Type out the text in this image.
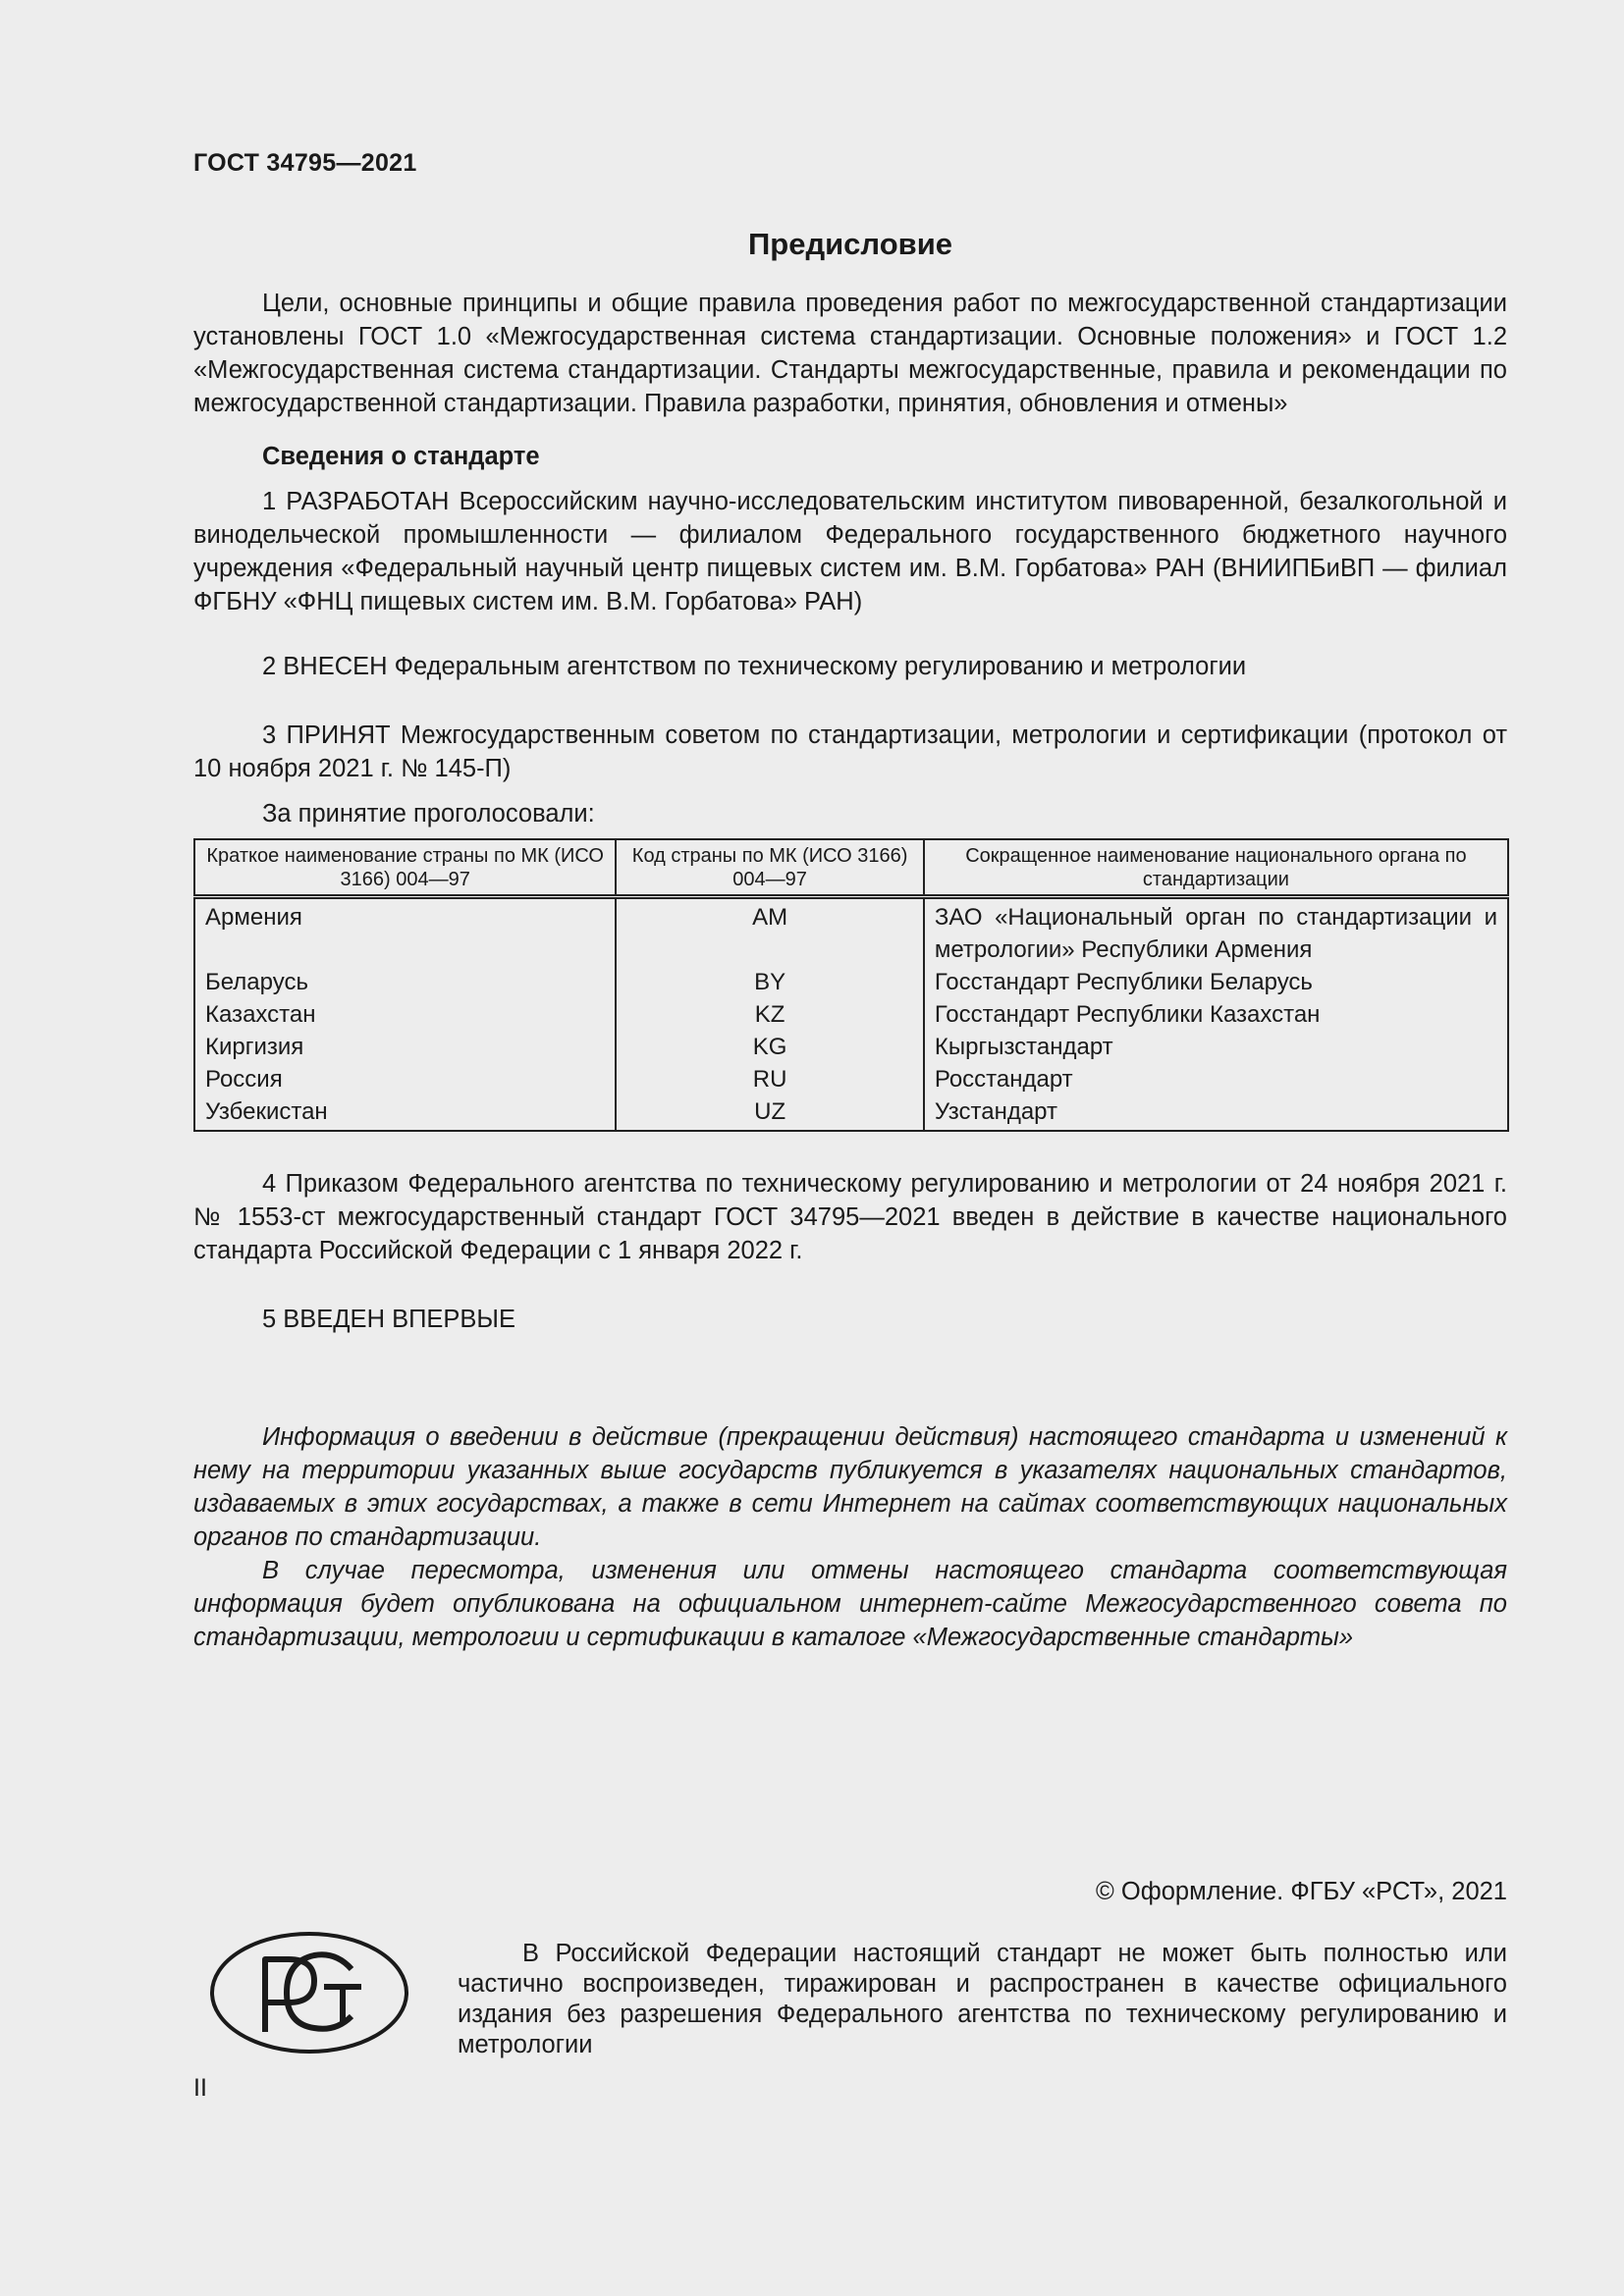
ГОСТ 34795—2021
Предисловие

Цели, основные принципы и общие правила проведения работ по межгосударственной стандартизации установлены ГОСТ 1.0 «Межгосударственная система стандартизации. Основные положения» и ГОСТ 1.2 «Межгосударственная система стандартизации. Стандарты межгосударственные, правила и рекомендации по межгосударственной стандартизации. Правила разработки, принятия, обновления и отмены»

Сведения о стандарте

1 РАЗРАБОТАН Всероссийским научно-исследовательским институтом пивоваренной, безалкогольной и винодельческой промышленности — филиалом Федерального государственного бюджетного научного учреждения «Федеральный научный центр пищевых систем им. В.М. Горбатова» РАН (ВНИИПБиВП — филиал ФГБНУ «ФНЦ пищевых систем им. В.М. Горбатова» РАН)

2 ВНЕСЕН Федеральным агентством по техническому регулированию и метрологии

3 ПРИНЯТ Межгосударственным советом по стандартизации, метрологии и сертификации (протокол от 10 ноября 2021 г. № 145-П)

За принятие проголосовали:

Краткое наименование страны по МК (ИСО 3166) 004—97	Код страны по МК (ИСО 3166) 004—97	Сокращенное наименование национального органа по стандартизации
Армения	AM	ЗАО «Национальный орган по стандартизации и метрологии» Республики Армения
Беларусь	BY	Госстандарт Республики Беларусь
Казахстан	KZ	Госстандарт Республики Казахстан
Киргизия	KG	Кыргызстандарт
Россия	RU	Росстандарт
Узбекистан	UZ	Узстандарт

4 Приказом Федерального агентства по техническому регулированию и метрологии от 24 ноября 2021 г. № 1553-ст межгосударственный стандарт ГОСТ 34795—2021 введен в действие в качестве национального стандарта Российской Федерации с 1 января 2022 г.

5 ВВЕДЕН ВПЕРВЫЕ

Информация о введении в действие (прекращении действия) настоящего стандарта и изменений к нему на территории указанных выше государств публикуется в указателях национальных стандартов, издаваемых в этих государствах, а также в сети Интернет на сайтах соответствующих национальных органов по стандартизации.

В случае пересмотра, изменения или отмены настоящего стандарта соответствующая информация будет опубликована на официальном интернет-сайте Межгосударственного совета по стандартизации, метрологии и сертификации в каталоге «Межгосударственные стандарты»

© Оформление. ФГБУ «РСТ», 2021

В Российской Федерации настоящий стандарт не может быть полностью или частично воспроизведен, тиражирован и распространен в качестве официального издания без разрешения Федерального агентства по техническому регулированию и метрологии

II
